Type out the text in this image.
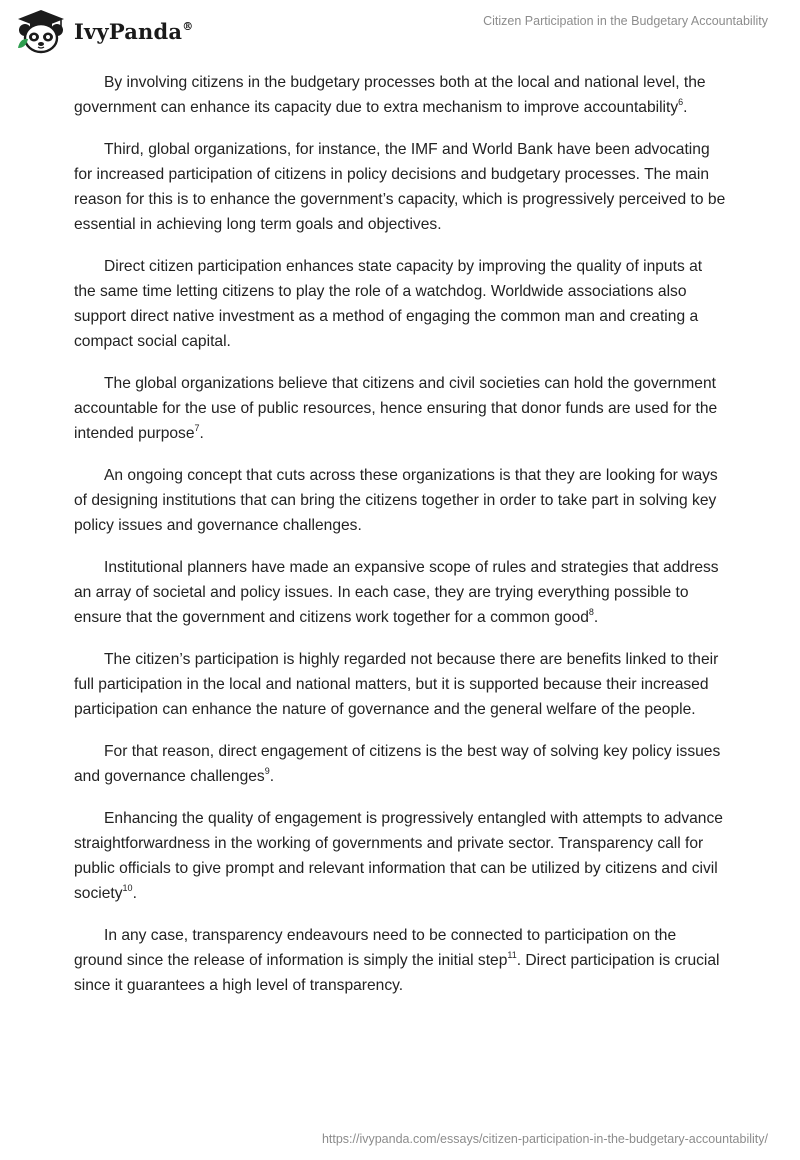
IvyPanda®	Citizen Participation in the Budgetary Accountability

By involving citizens in the budgetary processes both at the local and national level, the government can enhance its capacity due to extra mechanism to improve accountability$^6$.

Third, global organizations, for instance, the IMF and World Bank have been advocating for increased participation of citizens in policy decisions and budgetary processes. The main reason for this is to enhance the government’s capacity, which is progressively perceived to be essential in achieving long term goals and objectives.

Direct citizen participation enhances state capacity by improving the quality of inputs at the same time letting citizens to play the role of a watchdog. Worldwide associations also support direct native investment as a method of engaging the common man and creating a compact social capital.

The global organizations believe that citizens and civil societies can hold the government accountable for the use of public resources, hence ensuring that donor funds are used for the intended purpose$^7$.

An ongoing concept that cuts across these organizations is that they are looking for ways of designing institutions that can bring the citizens together in order to take part in solving key policy issues and governance challenges.

Institutional planners have made an expansive scope of rules and strategies that address an array of societal and policy issues. In each case, they are trying everything possible to ensure that the government and citizens work together for a common good$^8$.

The citizen’s participation is highly regarded not because there are benefits linked to their full participation in the local and national matters, but it is supported because their increased participation can enhance the nature of governance and the general welfare of the people.

For that reason, direct engagement of citizens is the best way of solving key policy issues and governance challenges$^9$.

Enhancing the quality of engagement is progressively entangled with attempts to advance straightforwardness in the working of governments and private sector. Transparency call for public officials to give prompt and relevant information that can be utilized by citizens and civil society$^{10}$.

In any case, transparency endeavours need to be connected to participation on the ground since the release of information is simply the initial step$^{11}$. Direct participation is crucial since it guarantees a high level of transparency.

https://ivypanda.com/essays/citizen-participation-in-the-budgetary-accountability/
